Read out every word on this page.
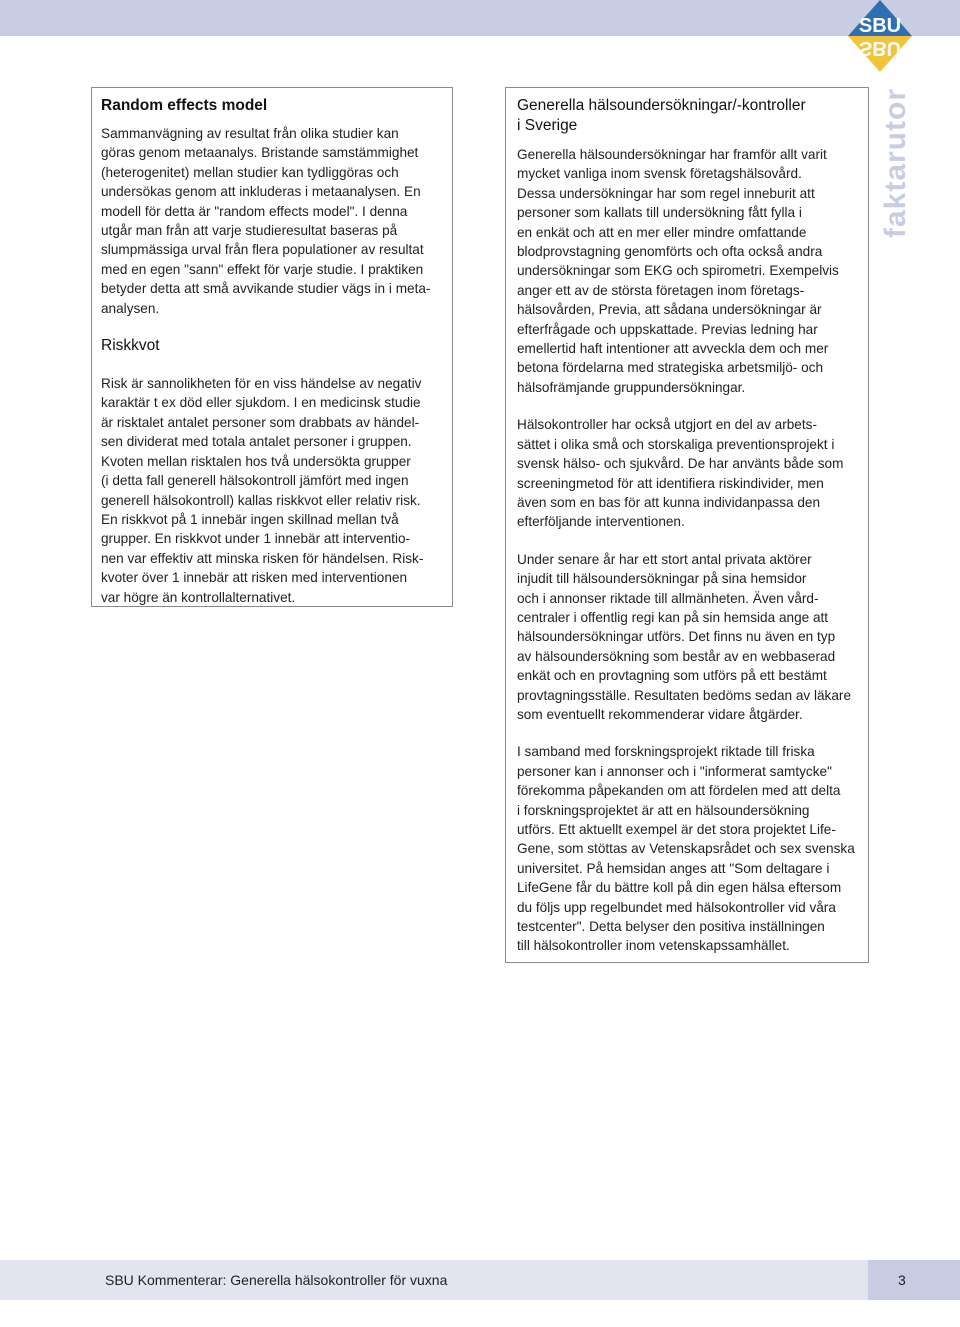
SBU
SBU
faktarutor
Random effects model

Sammanvägning av resultat från olika studier kan
göras genom metaanalys. Bristande samstämmighet
(heterogenitet) mellan studier kan tydliggöras och
undersökas genom att inkluderas i metaanalysen. En
modell för detta är "random effects model". I denna
utgår man från att varje studieresultat baseras på
slumpmässiga urval från flera populationer av resultat
med en egen "sann" effekt för varje studie. I praktiken
betyder detta att små avvikande studier vägs in i meta-
analysen.

Riskkvot

Risk är sannolikheten för en viss händelse av negativ
karaktär t ex död eller sjukdom. I en medicinsk studie
är risktalet antalet personer som drabbats av händel-
sen dividerat med totala antalet personer i gruppen.
Kvoten mellan risktalen hos två undersökta grupper
(i detta fall generell hälsokontroll jämfört med ingen
generell hälsokontroll) kallas riskkvot eller relativ risk.
En riskkvot på 1 innebär ingen skillnad mellan två
grupper. En riskkvot under 1 innebär att interventio-
nen var effektiv att minska risken för händelsen. Risk-
kvoter över 1 innebär att risken med interventionen
var högre än kontrollalternativet.

Generella hälsoundersökningar/-kontroller
i Sverige

Generella hälsoundersökningar har framför allt varit
mycket vanliga inom svensk företagshälsovård.
Dessa undersökningar har som regel inneburit att
personer som kallats till undersökning fått fylla i
en enkät och att en mer eller mindre omfattande
blodprovstagning genomförts och ofta också andra
undersökningar som EKG och spirometri. Exempelvis
anger ett av de största företagen inom företags-
hälsovården, Previa, att sådana undersökningar är
efterfrågade och uppskattade. Previas ledning har
emellertid haft intentioner att avveckla dem och mer
betona fördelarna med strategiska arbetsmiljö- och
hälsofrämjande gruppundersökningar.

Hälsokontroller har också utgjort en del av arbets-
sättet i olika små och storskaliga preventionsprojekt i
svensk hälso- och sjukvård. De har använts både som
screeningmetod för att identifiera riskindivider, men
även som en bas för att kunna individanpassa den
efterföljande interventionen.

Under senare år har ett stort antal privata aktörer
injudit till hälsoundersökningar på sina hemsidor
och i annonser riktade till allmänheten. Även vård-
centraler i offentlig regi kan på sin hemsida ange att
hälsoundersökningar utförs. Det finns nu även en typ
av hälsoundersökning som består av en webbaserad
enkät och en provtagning som utförs på ett bestämt
provtagningsställe. Resultaten bedöms sedan av läkare
som eventuellt rekommenderar vidare åtgärder.

I samband med forskningsprojekt riktade till friska
personer kan i annonser och i "informerat samtycke"
förekomma påpekanden om att fördelen med att delta
i forskningsprojektet är att en hälsoundersökning
utförs. Ett aktuellt exempel är det stora projektet Life-
Gene, som stöttas av Vetenskapsrådet och sex svenska
universitet. På hemsidan anges att "Som deltagare i
LifeGene får du bättre koll på din egen hälsa eftersom
du följs upp regelbundet med hälsokontroller vid våra
testcenter". Detta belyser den positiva inställningen
till hälsokontroller inom vetenskapssamhället.

SBU Kommenterar: Generella hälsokontroller för vuxna	3
